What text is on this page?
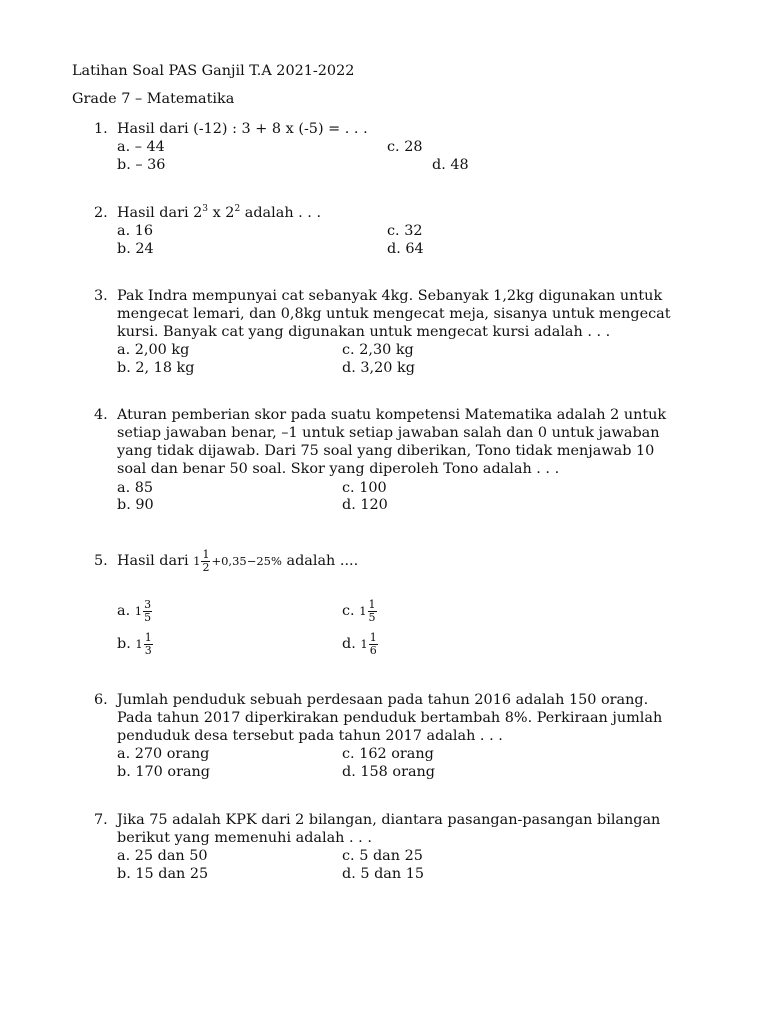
Latihan Soal PAS Ganjil T.A 2021-2022
Grade 7 – Matematika
1. Hasil dari (-12) : 3 + 8 x (-5) = . . .
a. – 44
b. – 36
c. 28
d. 48
2. Hasil dari $2^3$ x $2^2$ adalah . . .
a. 16
b. 24
c. 32
d. 64
3. Pak Indra mempunyai cat sebanyak 4kg. Sebanyak 1,2kg digunakan untuk
mengecat lemari, dan 0,8kg untuk mengecat meja, sisanya untuk mengecat
kursi. Banyak cat yang digunakan untuk mengecat kursi adalah . . .
a. 2,00 kg
b. 2, 18 kg
c. 2,30 kg
d. 3,20 kg
4. Aturan pemberian skor pada suatu kompetensi Matematika adalah 2 untuk
setiap jawaban benar, –1 untuk setiap jawaban salah dan 0 untuk jawaban
yang tidak dijawab. Dari 75 soal yang diberikan, Tono tidak menjawab 10
soal dan benar 50 soal. Skor yang diperoleh Tono adalah . . .
a. 85
b. 90
c. 100
d. 120
5. Hasil dari $1 \frac{1}{2} +0,35-25\%$ adalah ....
a. $1 \frac{3}{5}$
b. $1 \frac{1}{3}$
c. $1 \frac{1}{5}$
d. $1 \frac{1}{6}$
6. Jumlah penduduk sebuah perdesaan pada tahun 2016 adalah 150 orang.
Pada tahun 2017 diperkirakan penduduk bertambah 8%. Perkiraan jumlah
penduduk desa tersebut pada tahun 2017 adalah . . .
a. 270 orang
b. 170 orang
c. 162 orang
d. 158 orang
7. Jika 75 adalah KPK dari 2 bilangan, diantara pasangan-pasangan bilangan
berikut yang memenuhi adalah . . .
a. 25 dan 50
b. 15 dan 25
c. 5 dan 25
d. 5 dan 15
